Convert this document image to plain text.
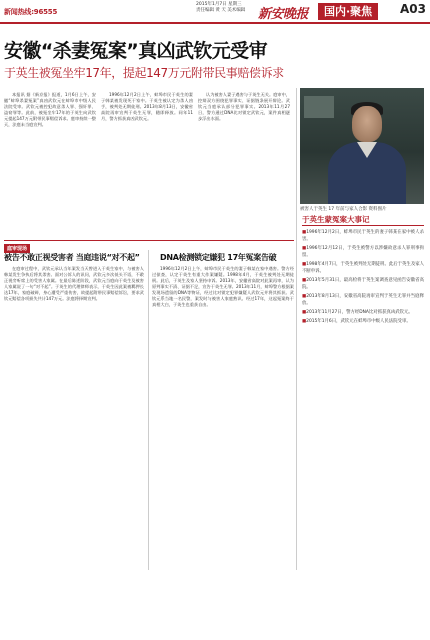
新闻热线:96555
2015年1月7日 星期三
责任编辑 黄 天 美术编辑 新安晚报	国内·聚焦	A03
安徽“杀妻冤案”真凶武钦元受审
于英生被冤坐牢17年，提起147万元附带民事赔偿诉求

本报讯 据《新京报》报道，1月6日上午，安徽“蚌埠杀妻冤案”真凶武钦元在蚌埠市中级人民法院受审。武钦元被控犯故意杀人罪、强奸罪、盗窃罪等。此前，被冤坐牢17年的于英生向武钦元提起147万元附带民事赔偿诉求。庭审持续一整天，法庭未当庭宣判。

1996年12月2日上午，蚌埠市民于英生的妻子韩某被发现死于家中。于英生被认定为杀人凶手，被判处无期徒刑。2013年8月13日，安徽省高院再审宣判于英生无罪，随即释放。同年11月，警方抓获真凶武钦元。

认为被害人妻子遇害与于英生无关。庭审中，控辩双方围绕犯罪事实、证据链条展开辩论。武钦元当庭承认部分犯罪事实。2013年11月27日，警方通过DNA比对锁定武钦元，案件真相逐步浮出水面。

被害人于英生 17 年前与家人合影 资料图片
庭审现场
被告不敢正视受害者 当庭违说“对不起”	DNA检测锁定嫌犯 17年冤案告破

在庭审过程中，武钦元承认当年案发当天曾进入于英生家中，与被害人韩某发生争执后将其杀害。面对公诉人的讯问，武钦元多次低头不语，不敢正视旁听席上的受害人家属。在最后陈述阶段，武钦元当庭向于英生及被害人家属说了一句“对不起”。于英生的代理律师表示，于英生因此案被羁押长达17年，家庭破碎，身心遭受严重伤害，故提起附带民事赔偿诉讼，要求武钦元赔偿各项损失共计147万元。法庭将择期宣判。

1996年12月2日上午，蚌埠市民于英生的妻子韩某在家中遇害。警方经过侦查，认定于英生有重大作案嫌疑。1998年4月，于英生被判处无期徒刑。此后，于英生及家人坚持申诉。2013年，安徽省高院对此案再审，认为原判事实不清、证据不足，宣告于英生无罪。2013年11月，蚌埠警方根据案发现场遗留的DNA等物证，经过比对锁定犯罪嫌疑人武钦元并将其抓获。武钦元系当地一名民警，案发时与被害人家庭熟识。经过17年，这起冤案终于真相大白，于英生也重获自由。

于英生蒙冤案大事记
■1996年12月2日，蚌埠市民于英生的妻子韩某在家中被人杀害。
■1996年12月12日，于英生被警方以涉嫌故意杀人罪刑事拘留。
■1998年4月7日，于英生被判处无期徒刑。此后于英生及家人不断申诉。
■2013年5月31日，最高检将于英生案调查意见函告安徽省高院。
■2013年8月13日，安徽省高院再审宣判于英生无罪并当庭释放。
■2013年11月27日，警方经DNA比对抓获真凶武钦元。
■2015年1月6日，武钦元在蚌埠市中级人民法院受审。
